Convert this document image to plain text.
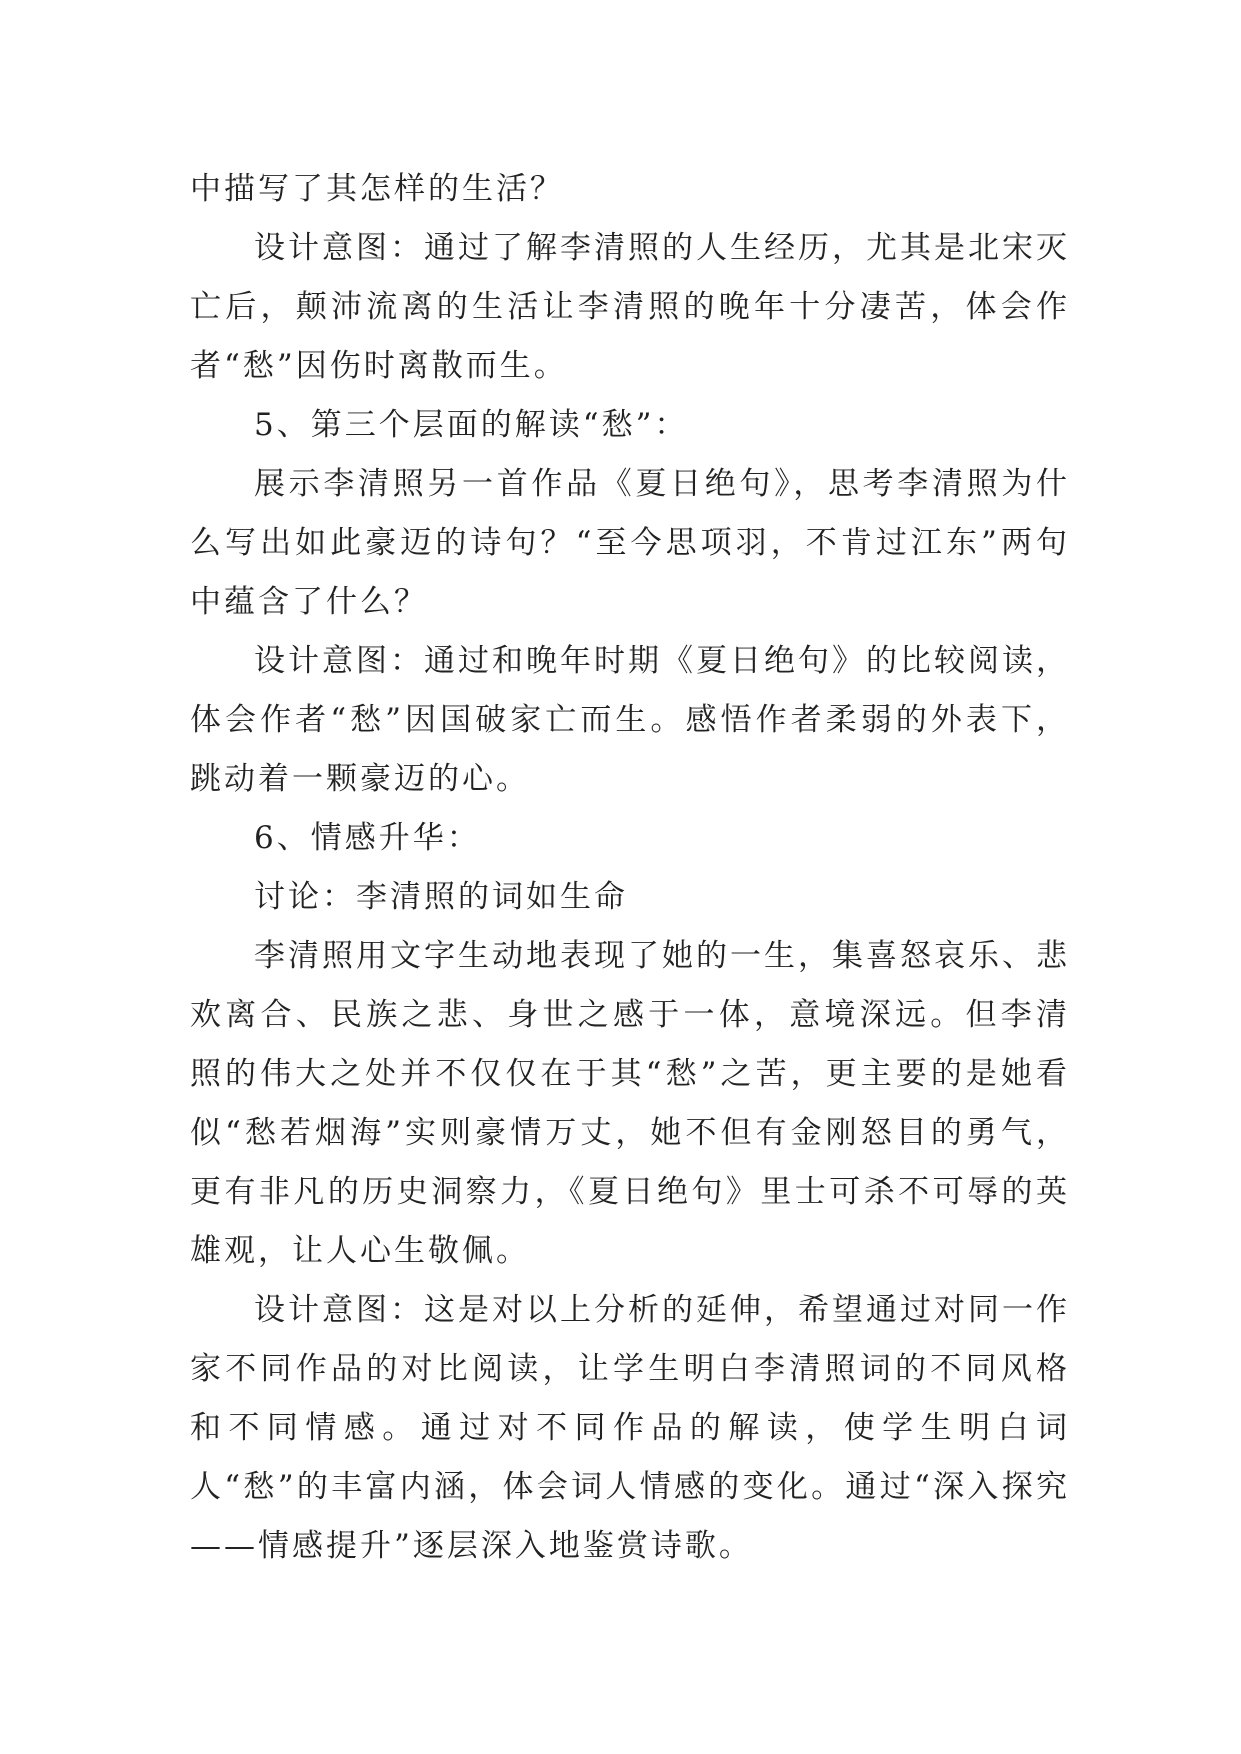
中描写了其怎样的生活？

设计意图：通过了解李清照的人生经历，尤其是北宋灭亡后，颠沛流离的生活让李清照的晚年十分凄苦，体会作者“愁”因伤时离散而生。

5、第三个层面的解读“愁”：

展示李清照另一首作品《夏日绝句》，思考李清照为什么写出如此豪迈的诗句？“至今思项羽，不肯过江东”两句中蕴含了什么？

设计意图：通过和晚年时期《夏日绝句》的比较阅读，体会作者“愁”因国破家亡而生。感悟作者柔弱的外表下，跳动着一颗豪迈的心。

6、情感升华：

讨论：李清照的词如生命

李清照用文字生动地表现了她的一生，集喜怒哀乐、悲欢离合、民族之悲、身世之感于一体，意境深远。但李清照的伟大之处并不仅仅在于其“愁”之苦，更主要的是她看似“愁若烟海”实则豪情万丈，她不但有金刚怒目的勇气，更有非凡的历史洞察力，《夏日绝句》里士可杀不可辱的英雄观，让人心生敬佩。

设计意图：这是对以上分析的延伸，希望通过对同一作家不同作品的对比阅读，让学生明白李清照词的不同风格和不同情感。通过对不同作品的解读，使学生明白词人“愁”的丰富内涵，体会词人情感的变化。通过“深入探究——情感提升”逐层深入地鉴赏诗歌。
